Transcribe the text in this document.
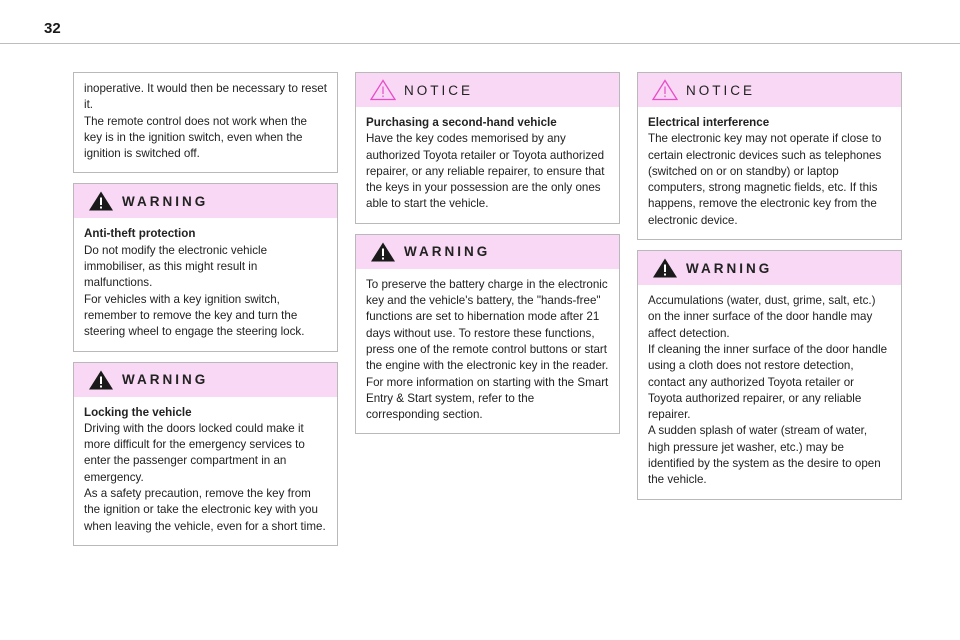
32

inoperative. It would then be necessary to reset it.

The remote control does not work when the key is in the ignition switch, even when the ignition is switched off.

WARNING

Anti-theft protection

Do not modify the electronic vehicle immobiliser, as this might result in malfunctions.

For vehicles with a key ignition switch, remember to remove the key and turn the steering wheel to engage the steering lock.

WARNING

Locking the vehicle

Driving with the doors locked could make it more difficult for the emergency services to enter the passenger compartment in an emergency.

As a safety precaution, remove the key from the ignition or take the electronic key with you when leaving the vehicle, even for a short time.

NOTICE

Purchasing a second-hand vehicle

Have the key codes memorised by any authorized Toyota retailer or Toyota authorized repairer, or any reliable repairer, to ensure that the keys in your possession are the only ones able to start the vehicle.

WARNING

To preserve the battery charge in the electronic key and the vehicle's battery, the "hands-free" functions are set to hibernation mode after 21 days without use. To restore these functions, press one of the remote control buttons or start the engine with the electronic key in the reader.

For more information on starting with the Smart Entry & Start system, refer to the corresponding section.

NOTICE

Electrical interference

The electronic key may not operate if close to certain electronic devices such as telephones (switched on or on standby) or laptop computers, strong magnetic fields, etc. If this happens, remove the electronic key from the electronic device.

WARNING

Accumulations (water, dust, grime, salt, etc.) on the inner surface of the door handle may affect detection.

If cleaning the inner surface of the door handle using a cloth does not restore detection, contact any authorized Toyota retailer or Toyota authorized repairer, or any reliable repairer.

A sudden splash of water (stream of water, high pressure jet washer, etc.) may be identified by the system as the desire to open the vehicle.
